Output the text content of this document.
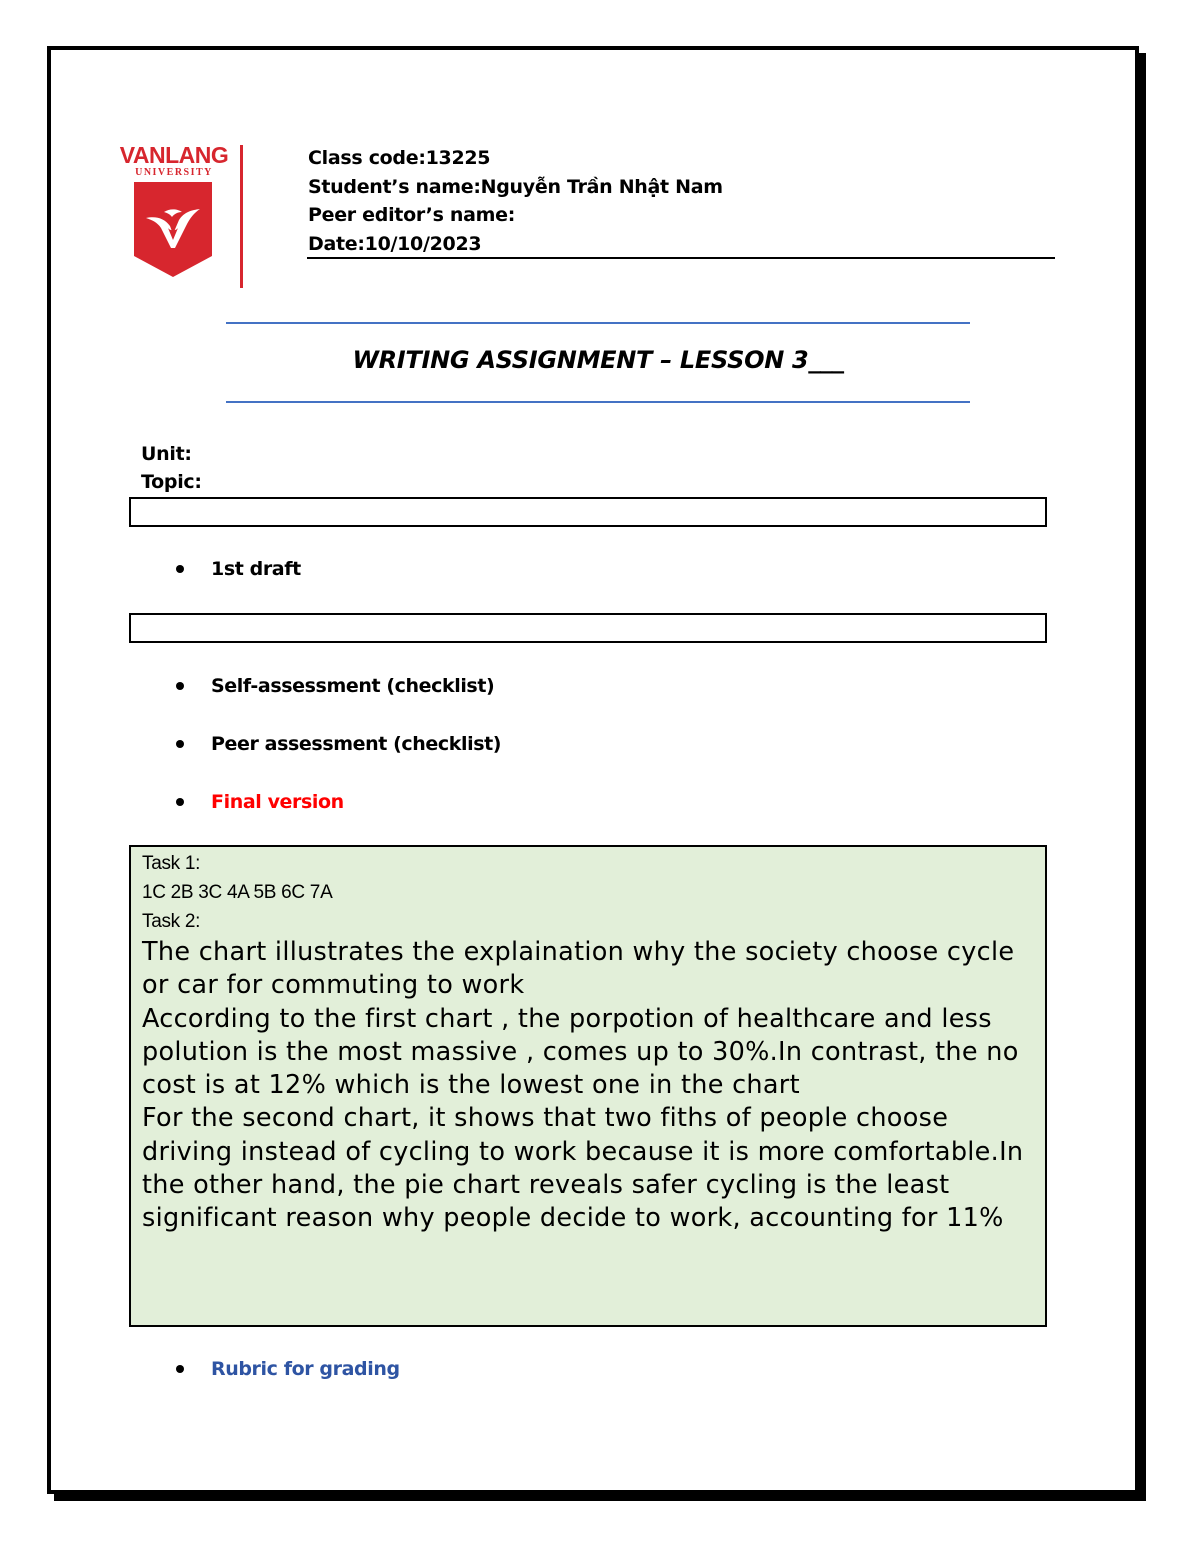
VANLANG
UNIVERSITY
Class code:13225
Student’s name:Nguyễn Trần Nhật Nam
Peer editor’s name:
Date:10/10/2023
WRITING ASSIGNMENT – LESSON 3___
Unit:
Topic:
1st draft
Self-assessment (checklist)
Peer assessment (checklist)
Final version
Task 1:
1C 2B 3C 4A 5B 6C 7A
Task 2:

The chart illustrates the explaination why the society choose cycle or car for commuting to work

According to the first chart , the porpotion of healthcare and less polution is the most massive , comes up to 30%.In contrast, the no cost is at 12% which is the lowest one in the chart

For the second chart, it shows that two fiths of people choose driving instead of cycling to work because it is more comfortable.In the other hand, the pie chart reveals safer cycling is the least significant reason why people decide to work, accounting for 11%

Rubric for grading
